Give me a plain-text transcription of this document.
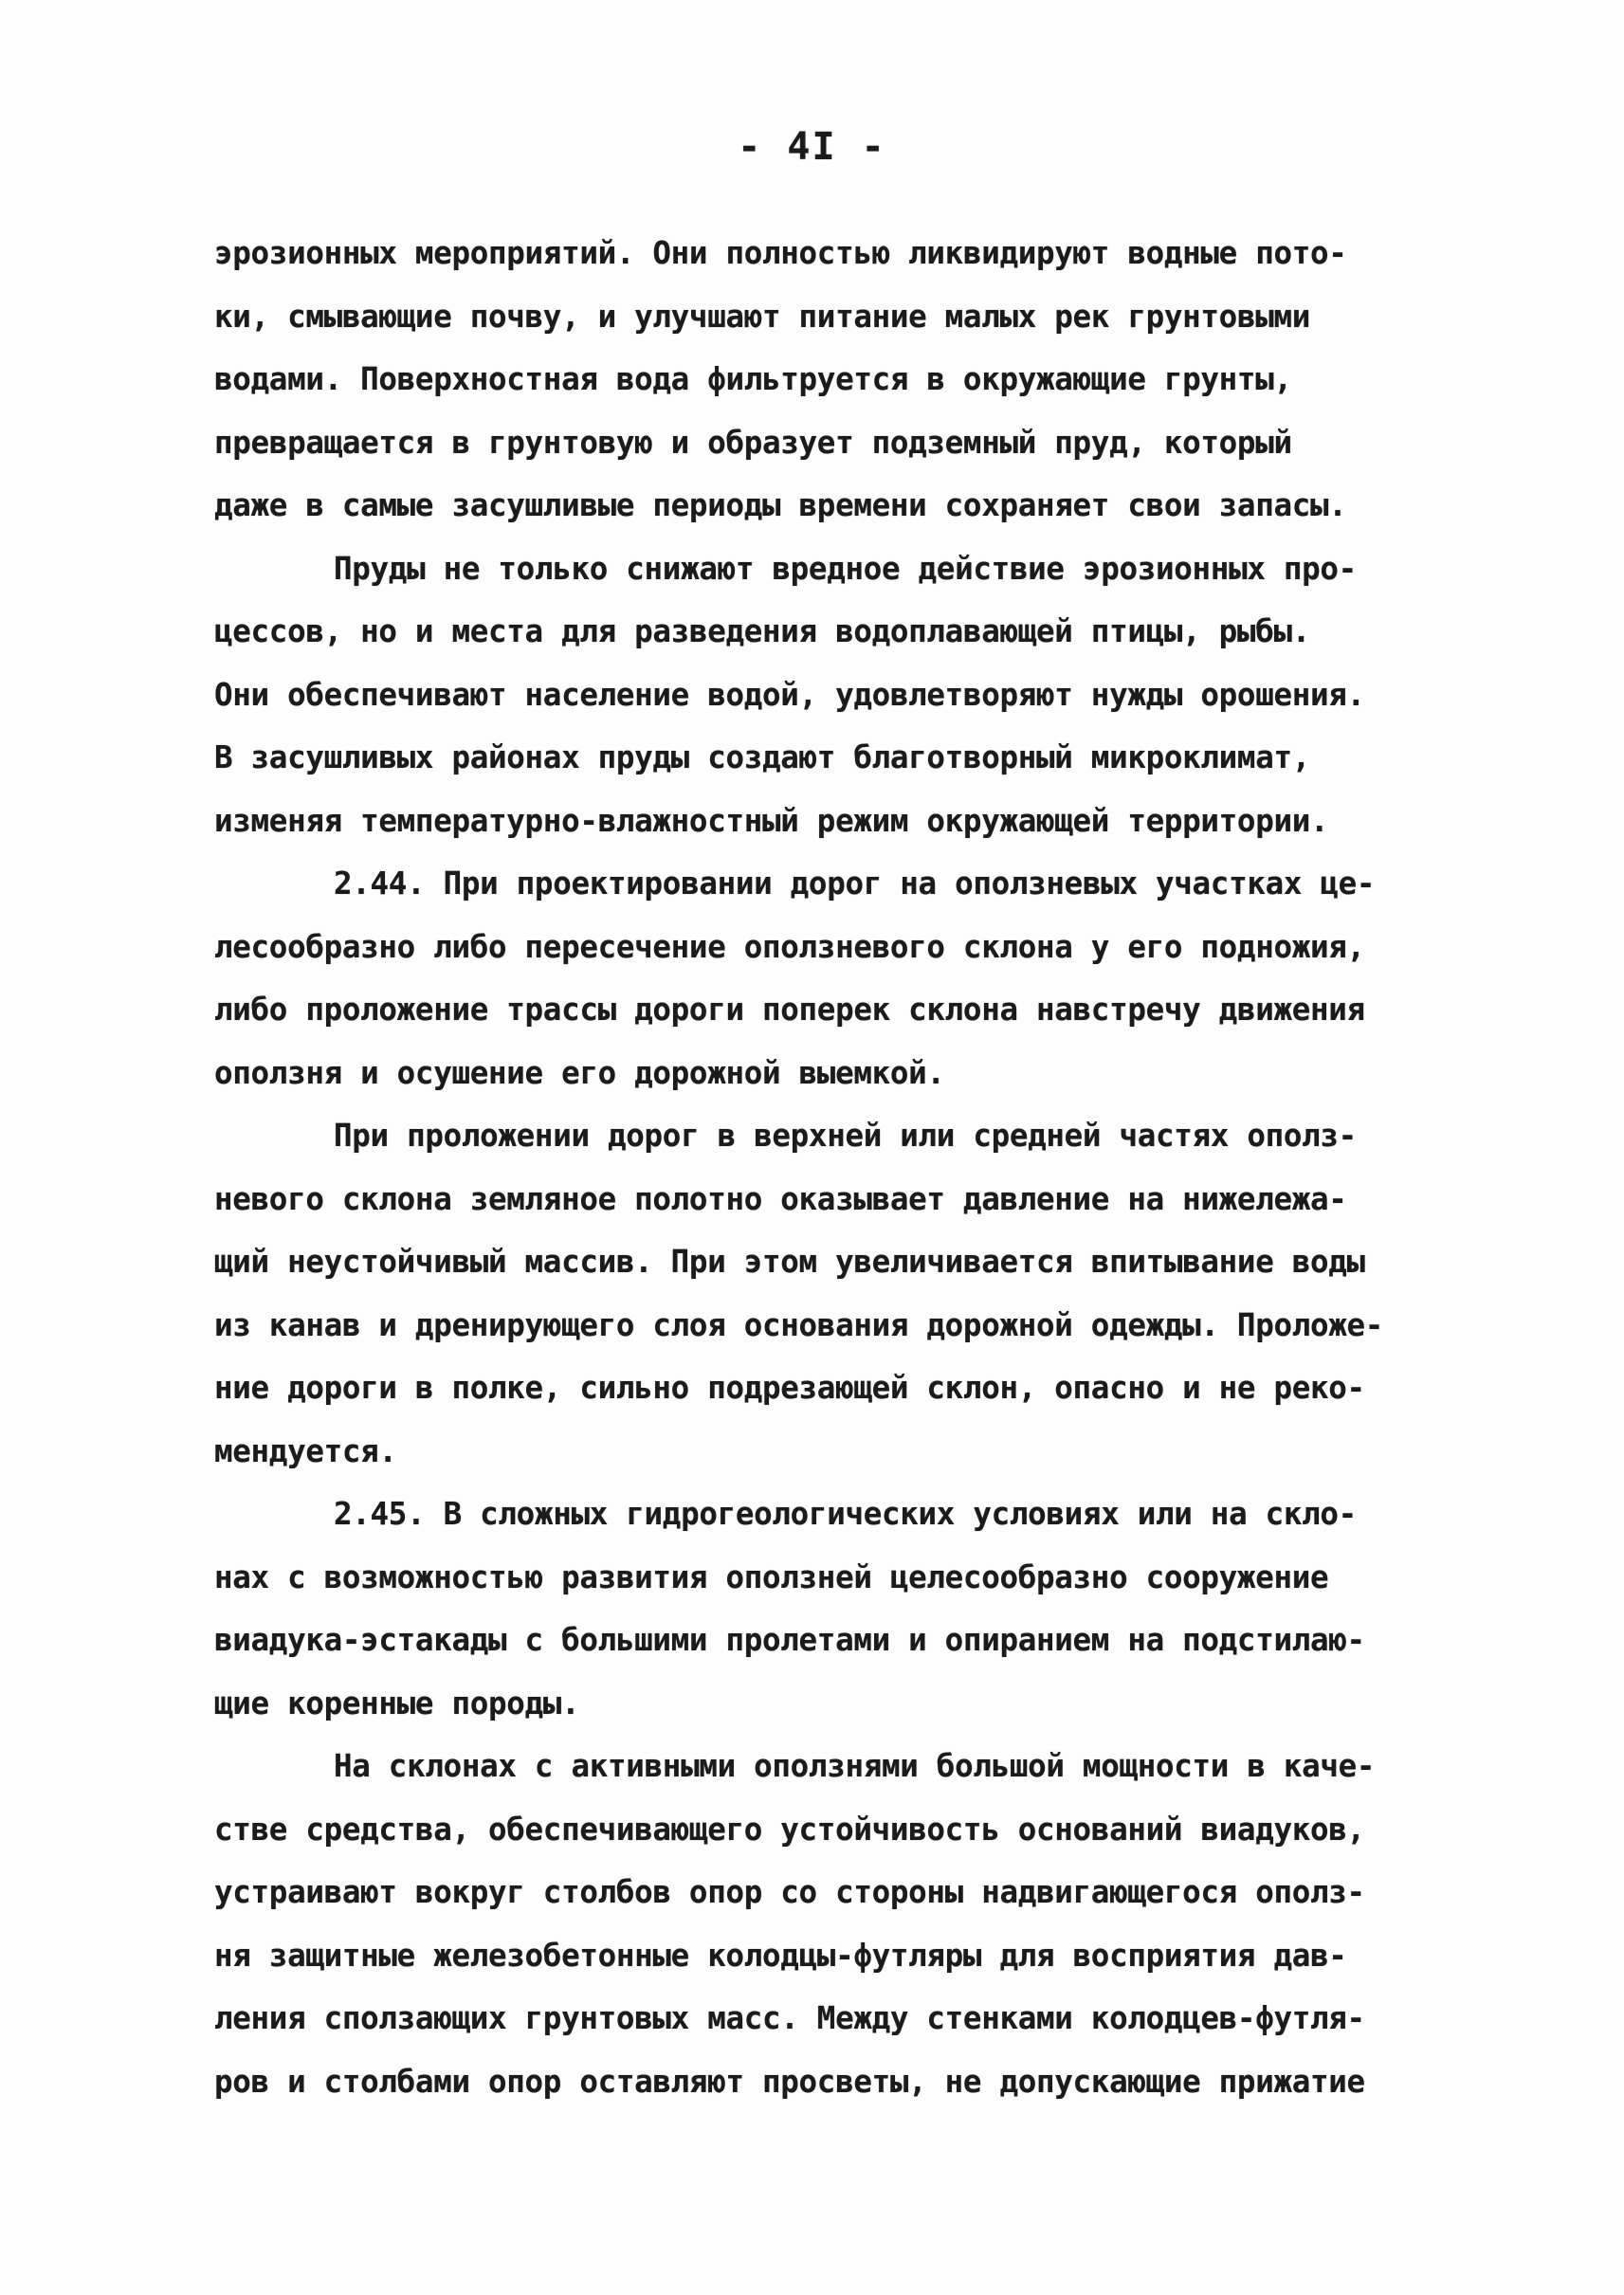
- 4I -
эрозионных мероприятий. Они полностью ликвидируют водные пото-
ки, смывающие почву, и улучшают питание малых рек грунтовыми
водами. Поверхностная вода фильтруется в окружающие грунты,
превращается в грунтовую и образует подземный пруд, который
даже в самые засушливые периоды времени сохраняет свои запасы.
Пруды не только снижают вредное действие эрозионных про-
цессов, но и места для разведения водоплавающей птицы, рыбы.
Они обеспечивают население водой, удовлетворяют нужды орошения.
В засушливых районах пруды создают благотворный микроклимат,
изменяя температурно-влажностный режим окружающей территории.
2.44. При проектировании дорог на оползневых участках це-
лесообразно либо пересечение оползневого склона у его подножия,
либо проложение трассы дороги поперек склона навстречу движения
оползня и осушение его дорожной выемкой.
При проложении дорог в верхней или средней частях ополз-
невого склона земляное полотно оказывает давление на нижележа-
щий неустойчивый массив. При этом увеличивается впитывание воды
из канав и дренирующего слоя основания дорожной одежды. Проложе-
ние дороги в полке, сильно подрезающей склон, опасно и не реко-
мендуется.
2.45. В сложных гидрогеологических условиях или на скло-
нах с возможностью развития оползней целесообразно сооружение
виадука-эстакады с большими пролетами и опиранием на подстилаю-
щие коренные породы.
На склонах с активными оползнями большой мощности в каче-
стве средства, обеспечивающего устойчивость оснований виадуков,
устраивают вокруг столбов опор со стороны надвигающегося ополз-
ня защитные железобетонные колодцы-футляры для восприятия дав-
ления сползающих грунтовых масс. Между стенками колодцев-футля-
ров и столбами опор оставляют просветы, не допускающие прижатие
